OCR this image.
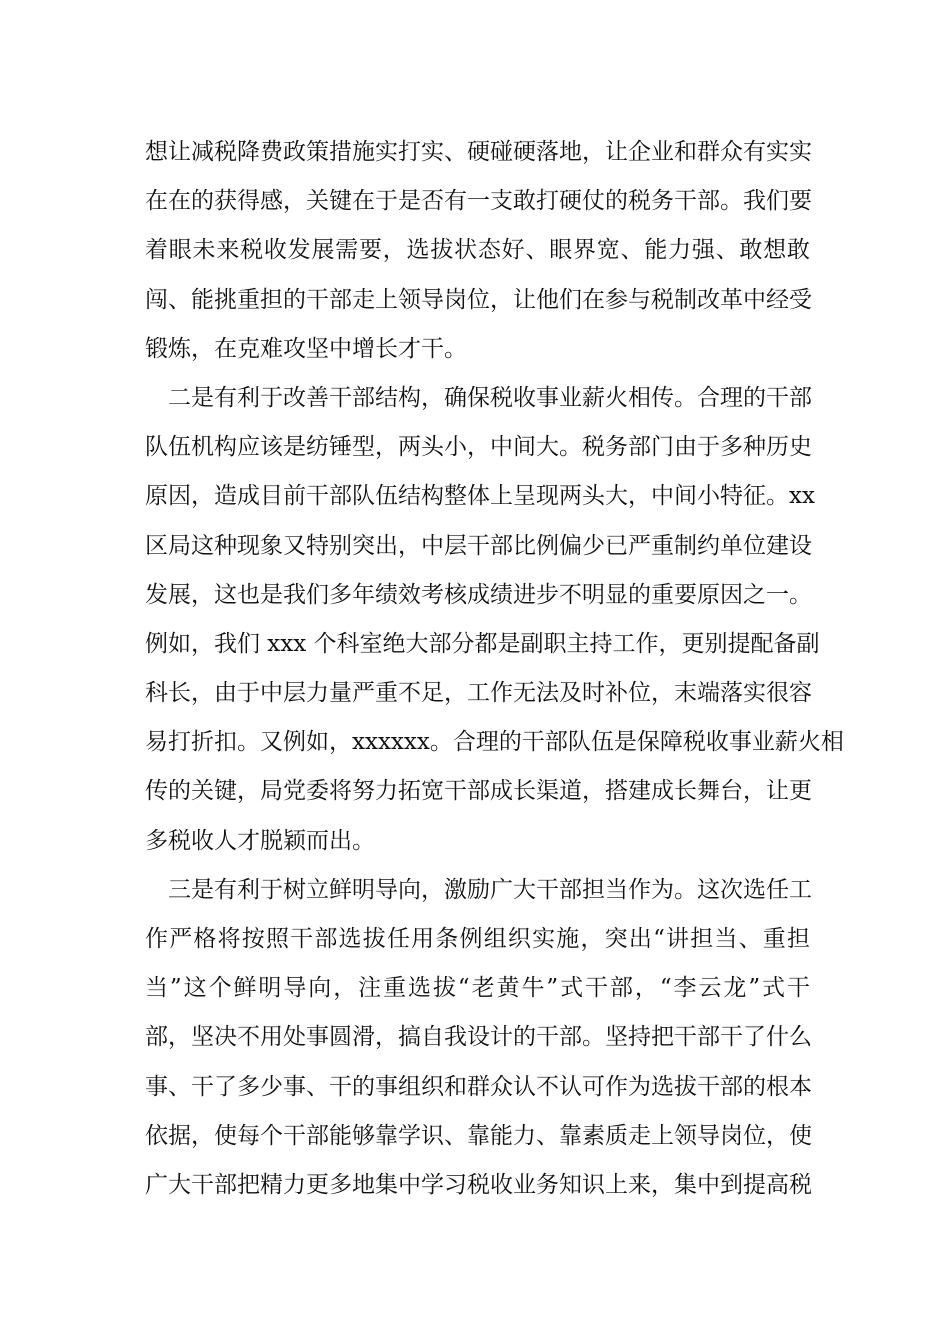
想让减税降费政策措施实打实、硬碰硬落地，让企业和群众有实实
在在的获得感，关键在于是否有一支敢打硬仗的税务干部。我们要
着眼未来税收发展需要，选拔状态好、眼界宽、能力强、敢想敢
闯、能挑重担的干部走上领导岗位，让他们在参与税制改革中经受
锻炼，在克难攻坚中增长才干。
　二是有利于改善干部结构，确保税收事业薪火相传。合理的干部
队伍机构应该是纺锤型，两头小，中间大。税务部门由于多种历史
原因，造成目前干部队伍结构整体上呈现两头大，中间小特征。xx
区局这种现象又特别突出，中层干部比例偏少已严重制约单位建设
发展，这也是我们多年绩效考核成绩进步不明显的重要原因之一。
例如，我们 xxx 个科室绝大部分都是副职主持工作，更别提配备副
科长，由于中层力量严重不足，工作无法及时补位，末端落实很容
易打折扣。又例如，xxxxxx。合理的干部队伍是保障税收事业薪火相
传的关键，局党委将努力拓宽干部成长渠道，搭建成长舞台，让更
多税收人才脱颖而出。
　三是有利于树立鲜明导向，激励广大干部担当作为。这次选任工
作严格将按照干部选拔任用条例组织实施，突出“讲担当、重担
当”这个鲜明导向，注重选拔“老黄牛”式干部，“李云龙”式干
部，坚决不用处事圆滑，搞自我设计的干部。坚持把干部干了什么
事、干了多少事、干的事组织和群众认不认可作为选拔干部的根本
依据，使每个干部能够靠学识、靠能力、靠素质走上领导岗位，使
广大干部把精力更多地集中学习税收业务知识上来，集中到提高税
